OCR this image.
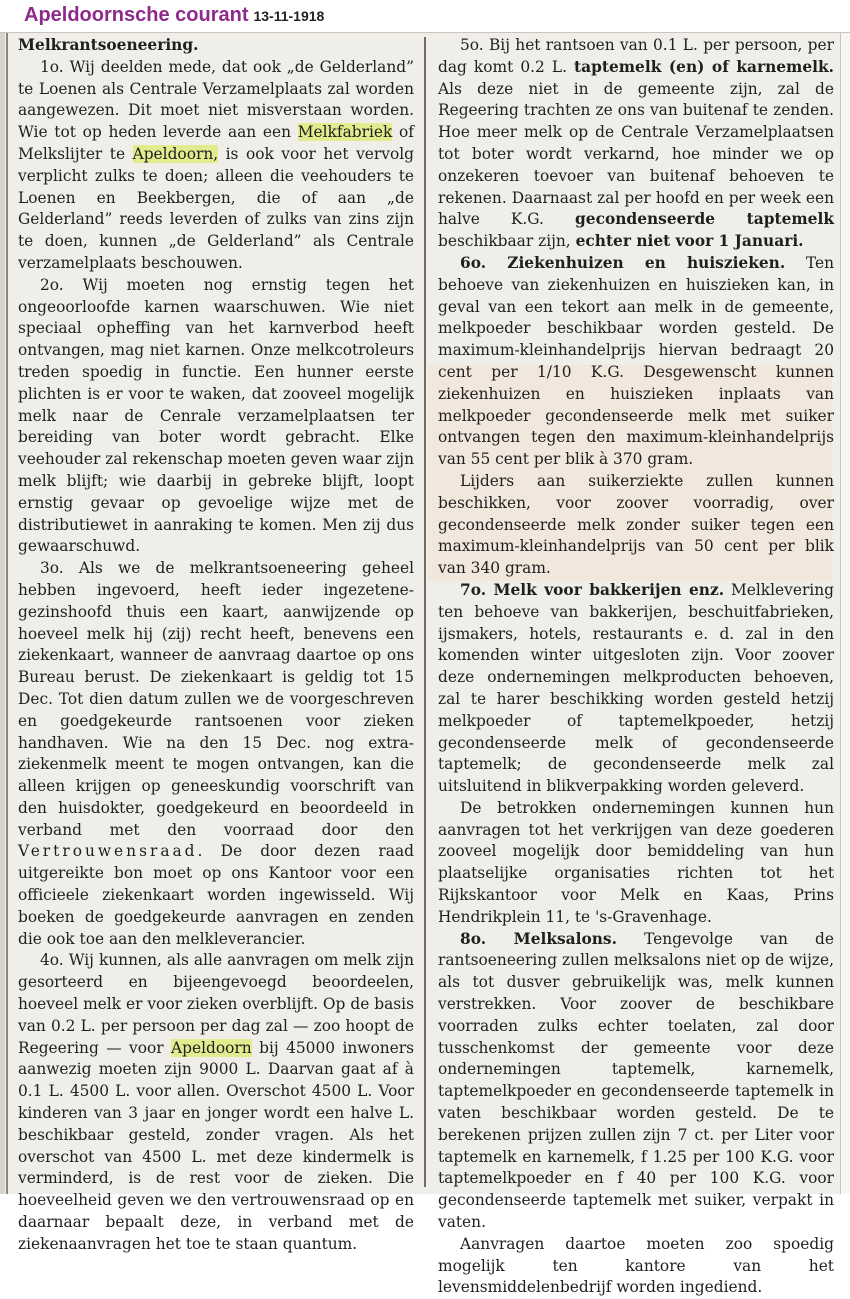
Apeldoornsche courant 13-11-1918
Melkrantsoeneering.

1o. Wij deelden mede, dat ook „de Gelderland” te Loenen als Centrale Verzamelplaats zal worden aangewezen. Dit moet niet misverstaan worden. Wie tot op heden leverde aan een Melkfabriek of Melkslijter te Apeldoorn, is ook voor het vervolg verplicht zulks te doen; alleen die veehouders te Loenen en Beekbergen, die of aan „de Gelderland” reeds leverden of zulks van zins zijn te doen, kunnen „de Gelderland” als Centrale verzamelplaats beschouwen.

2o. Wij moeten nog ernstig tegen het ongeoorloofde karnen waarschuwen. Wie niet speciaal opheffing van het karnverbod heeft ontvangen, mag niet karnen. Onze melkcotroleurs treden spoedig in functie. Een hunner eerste plichten is er voor te waken, dat zooveel mogelijk melk naar de Cenrale verzamelplaatsen ter bereiding van boter wordt gebracht. Elke veehouder zal rekenschap moeten geven waar zijn melk blijft; wie daarbij in gebreke blijft, loopt ernstig gevaar op gevoelige wijze met de distributiewet in aanraking te komen. Men zij dus gewaarschuwd.

3o. Als we de melkrantsoeneering geheel hebben ingevoerd, heeft ieder ingezetene-gezinshoofd thuis een kaart, aanwijzende op hoeveel melk hij (zij) recht heeft, benevens een ziekenkaart, wanneer de aanvraag daartoe op ons Bureau berust. De ziekenkaart is geldig tot 15 Dec. Tot dien datum zullen we de voorgeschreven en goedgekeurde rantsoenen voor zieken handhaven. Wie na den 15 Dec. nog extra-ziekenmelk meent te mogen ontvangen, kan die alleen krijgen op geneeskundig voorschrift van den huisdokter, goedgekeurd en beoordeeld in verband met den voorraad door den Vertrouwensraad. De door dezen raad uitgereikte bon moet op ons Kantoor voor een officieele ziekenkaart worden ingewisseld. Wij boeken de goedgekeurde aanvragen en zenden die ook toe aan den melkleverancier.

4o. Wij kunnen, als alle aanvragen om melk zijn gesorteerd en bijeengevoegd beoordeelen, hoeveel melk er voor zieken overblijft. Op de basis van 0.2 L. per persoon per dag zal — zoo hoopt de Regeering — voor Apeldoorn bij 45000 inwoners aanwezig moeten zijn 9000 L. Daarvan gaat af à 0.1 L. 4500 L. voor allen. Overschot 4500 L. Voor kinderen van 3 jaar en jonger wordt een halve L. beschikbaar gesteld, zonder vragen. Als het overschot van 4500 L. met deze kindermelk is verminderd, is de rest voor de zieken. Die hoeveelheid geven we den vertrouwensraad op en daarnaar bepaalt deze, in verband met de ziekenaanvragen het toe te staan quantum.

5o. Bij het rantsoen van 0.1 L. per persoon, per dag komt 0.2 L. taptemelk (en) of karnemelk. Als deze niet in de gemeente zijn, zal de Regeering trachten ze ons van buitenaf te zenden. Hoe meer melk op de Centrale Verzamelplaatsen tot boter wordt verkarnd, hoe minder we op onzekeren toevoer van buitenaf behoeven te rekenen. Daarnaast zal per hoofd en per week een halve K.G. gecondenseerde taptemelk beschikbaar zijn, echter niet voor 1 Januari.

6o. Ziekenhuizen en huiszieken. Ten behoeve van ziekenhuizen en huiszieken kan, in geval van een tekort aan melk in de gemeente, melkpoeder beschikbaar worden gesteld. De maximum-kleinhandelprijs hiervan bedraagt 20 cent per 1/10 K.G. Desgewenscht kunnen ziekenhuizen en huiszieken inplaats van melkpoeder gecondenseerde melk met suiker ontvangen tegen den maximum-kleinhandelprijs van 55 cent per blik à 370 gram.

Lijders aan suikerziekte zullen kunnen beschikken, voor zoover voorradig, over gecondenseerde melk zonder suiker tegen een maximum-kleinhandelprijs van 50 cent per blik van 340 gram.

7o. Melk voor bakkerijen enz. Melklevering ten behoeve van bakkerijen, beschuitfabrieken, ijsmakers, hotels, restaurants e. d. zal in den komenden winter uitgesloten zijn. Voor zoover deze ondernemingen melkproducten behoeven, zal te harer beschikking worden gesteld hetzij melkpoeder of taptemelkpoeder, hetzij gecondenseerde melk of gecondenseerde taptemelk; de gecondenseerde melk zal uitsluitend in blikverpakking worden geleverd.

De betrokken ondernemingen kunnen hun aanvragen tot het verkrijgen van deze goederen zooveel mogelijk door bemiddeling van hun plaatselijke organisaties richten tot het Rijkskantoor voor Melk en Kaas, Prins Hendrikplein 11, te 's-Gravenhage.

8o. Melksalons. Tengevolge van de rantsoeneering zullen melksalons niet op de wijze, als tot dusver gebruikelijk was, melk kunnen verstrekken. Voor zoover de beschikbare voorraden zulks echter toelaten, zal door tusschenkomst der gemeente voor deze ondernemingen taptemelk, karnemelk, taptemelkpoeder en gecondenseerde taptemelk in vaten beschikbaar worden gesteld. De te berekenen prijzen zullen zijn 7 ct. per Liter voor taptemelk en karnemelk, f 1.25 per 100 K.G. voor taptemelkpoeder en f 40 per 100 K.G. voor gecondenseerde taptemelk met suiker, verpakt in vaten.

Aanvragen daartoe moeten zoo spoedig mogelijk ten kantore van het levensmiddelenbedrijf worden ingediend.
